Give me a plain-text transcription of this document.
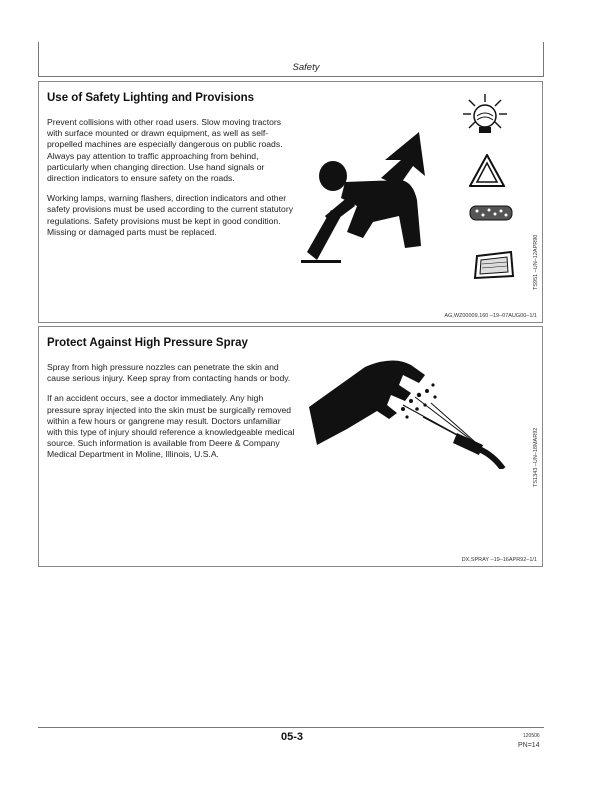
Safety
Use of Safety Lighting and Provisions

Prevent collisions with other road users. Slow moving tractors with surface mounted or drawn equipment, as well as self-propelled machines are especially dangerous on public roads. Always pay attention to traffic approaching from behind, particularly when changing direction. Use hand signals or direction indicators to ensure safety on the roads.

Working lamps, warning flashers, direction indicators and other safety provisions must be used according to the current statutory regulations. Safety provisions must be kept in good condition. Missing or damaged parts must be replaced.

TS951 –UN–12APR90
AG,WZ00009,160 –19–07AUG00–1/1
Protect Against High Pressure Spray

Spray from high pressure nozzles can penetrate the skin and cause serious injury. Keep spray from contacting hands or body.

If an accident occurs, see a doctor immediately. Any high pressure spray injected into the skin must be surgically removed within a few hours or gangrene may result. Doctors unfamiliar with this type of injury should reference a knowledgeable medical source. Such information is available from Deere & Company Medical Department in Moline, Illinois, U.S.A.	TS1343 –UN–18MAR92
DX,SPRAY –19–16APR92–1/1
05-3	120506
PN=14
